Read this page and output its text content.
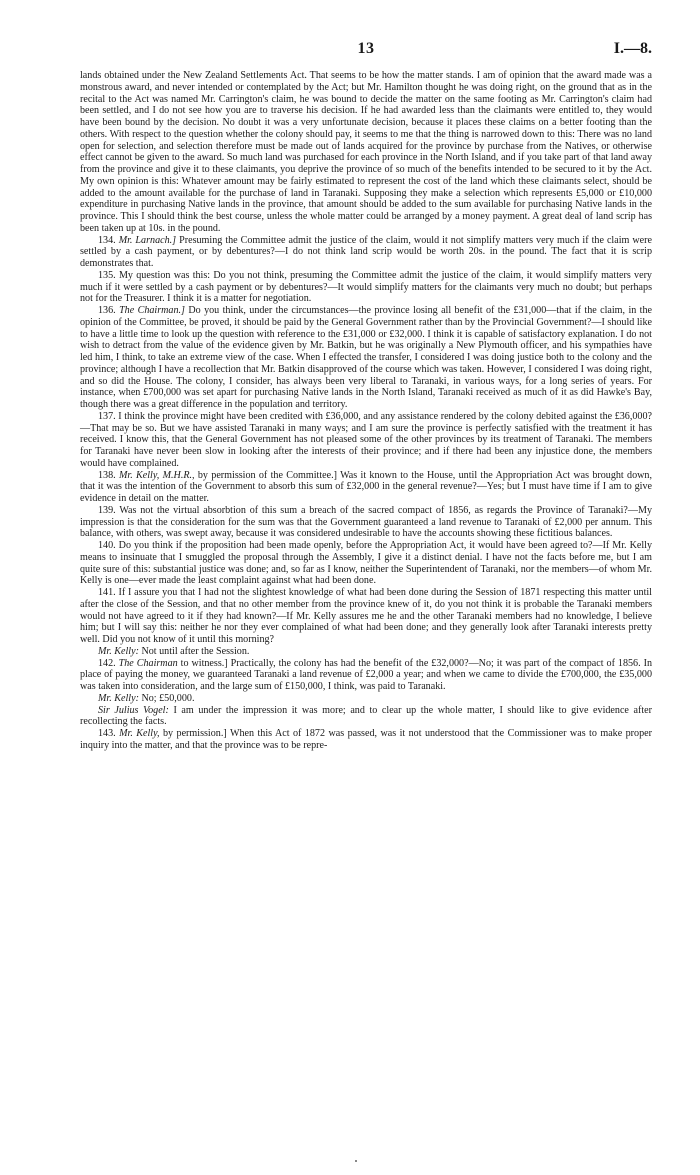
13	I.—8.

lands obtained under the New Zealand Settlements Act. That seems to be how the matter stands. I am of opinion that the award made was a monstrous award, and never intended or contemplated by the Act; but Mr. Hamilton thought he was doing right, on the ground that as in the recital to the Act was named Mr. Carrington's claim, he was bound to decide the matter on the same footing as Mr. Carrington's claim had been settled, and I do not see how you are to traverse his decision. If he had awarded less than the claimants were entitled to, they would have been bound by the decision. No doubt it was a very unfortunate decision, because it places these claims on a better footing than the others. With respect to the question whether the colony should pay, it seems to me that the thing is narrowed down to this: There was no land open for selection, and selection therefore must be made out of lands acquired for the province by purchase from the Natives, or otherwise effect cannot be given to the award. So much land was purchased for each province in the North Island, and if you take part of that land away from the province and give it to these claimants, you deprive the province of so much of the benefits intended to be secured to it by the Act. My own opinion is this: Whatever amount may be fairly estimated to represent the cost of the land which these claimants select, should be added to the amount available for the purchase of land in Taranaki. Supposing they make a selection which represents £5,000 or £10,000 expenditure in purchasing Native lands in the province, that amount should be added to the sum available for purchasing Native lands in the province. This I should think the best course, unless the whole matter could be arranged by a money payment. A great deal of land scrip has been taken up at 10s. in the pound.

134. Mr. Larnach.] Presuming the Committee admit the justice of the claim, would it not simplify matters very much if the claim were settled by a cash payment, or by debentures?—I do not think land scrip would be worth 20s. in the pound. The fact that it is scrip demonstrates that.

135. My question was this: Do you not think, presuming the Committee admit the justice of the claim, it would simplify matters very much if it were settled by a cash payment or by debentures?—It would simplify matters for the claimants very much no doubt; but perhaps not for the Treasurer. I think it is a matter for negotiation.

136. The Chairman.] Do you think, under the circumstances—the province losing all benefit of the £31,000—that if the claim, in the opinion of the Committee, be proved, it should be paid by the General Government rather than by the Provincial Government?—I should like to have a little time to look up the question with reference to the £31,000 or £32,000. I think it is capable of satisfactory explanation. I do not wish to detract from the value of the evidence given by Mr. Batkin, but he was originally a New Plymouth officer, and his sympathies have led him, I think, to take an extreme view of the case. When I effected the transfer, I considered I was doing justice both to the colony and the province; although I have a recollection that Mr. Batkin disapproved of the course which was taken. However, I considered I was doing right, and so did the House. The colony, I consider, has always been very liberal to Taranaki, in various ways, for a long series of years. For instance, when £700,000 was set apart for purchasing Native lands in the North Island, Taranaki received as much of it as did Hawke's Bay, though there was a great difference in the population and territory.

137. I think the province might have been credited with £36,000, and any assistance rendered by the colony debited against the £36,000?—That may be so. But we have assisted Taranaki in many ways; and I am sure the province is perfectly satisfied with the treatment it has received. I know this, that the General Government has not pleased some of the other provinces by its treatment of Taranaki. The members for Taranaki have never been slow in looking after the interests of their province; and if there had been any injustice done, the members would have complained.

138. Mr. Kelly, M.H.R., by permission of the Committee.] Was it known to the House, until the Appropriation Act was brought down, that it was the intention of the Government to absorb this sum of £32,000 in the general revenue?—Yes; but I must have time if I am to give evidence in detail on the matter.

139. Was not the virtual absorbtion of this sum a breach of the sacred compact of 1856, as regards the Province of Taranaki?—My impression is that the consideration for the sum was that the Government guaranteed a land revenue to Taranaki of £2,000 per annum. This balance, with others, was swept away, because it was considered undesirable to have the accounts showing these fictitious balances.

140. Do you think if the proposition had been made openly, before the Appropriation Act, it would have been agreed to?—If Mr. Kelly means to insinuate that I smuggled the proposal through the Assembly, I give it a distinct denial. I have not the facts before me, but I am quite sure of this: substantial justice was done; and, so far as I know, neither the Superintendent of Taranaki, nor the members—of whom Mr. Kelly is one—ever made the least complaint against what had been done.

141. If I assure you that I had not the slightest knowledge of what had been done during the Session of 1871 respecting this matter until after the close of the Session, and that no other member from the province knew of it, do you not think it is probable the Taranaki members would not have agreed to it if they had known?—If Mr. Kelly assures me he and the other Taranaki members had no knowledge, I believe him; but I will say this: neither he nor they ever complained of what had been done; and they generally look after Taranaki interests pretty well. Did you not know of it until this morning?

Mr. Kelly: Not until after the Session.

142. The Chairman to witness.] Practically, the colony has had the benefit of the £32,000?—No; it was part of the compact of 1856. In place of paying the money, we guaranteed Taranaki a land revenue of £2,000 a year; and when we came to divide the £700,000, the £35,000 was taken into consideration, and the large sum of £150,000, I think, was paid to Taranaki.

Mr. Kelly: No; £50,000.

Sir Julius Vogel: I am under the impression it was more; and to clear up the whole matter, I should like to give evidence after recollecting the facts.

143. Mr. Kelly, by permission.] When this Act of 1872 was passed, was it not understood that the Commissioner was to make proper inquiry into the matter, and that the province was to be repre-
